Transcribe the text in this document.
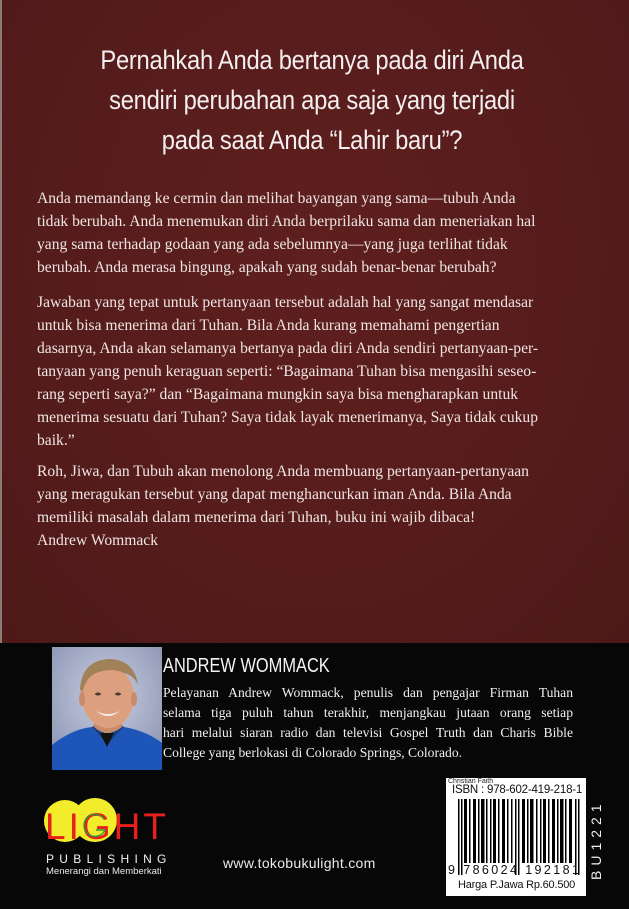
Pernahkah Anda bertanya pada diri Anda
sendiri perubahan apa saja yang terjadi
pada saat Anda “Lahir baru”?
Anda memandang ke cermin dan melihat bayangan yang sama—tubuh Anda
tidak berubah. Anda menemukan diri Anda berprilaku sama dan meneriakan hal
yang sama terhadap godaan yang ada sebelumnya—yang juga terlihat tidak
berubah. Anda merasa bingung, apakah yang sudah benar-benar berubah?
Jawaban yang tepat untuk pertanyaan tersebut adalah hal yang sangat mendasar
untuk bisa menerima dari Tuhan. Bila Anda kurang memahami pengertian
dasarnya, Anda akan selamanya bertanya pada diri Anda sendiri pertanyaan-per-
tanyaan yang penuh keraguan seperti: “Bagaimana Tuhan bisa mengasihi seseo-
rang seperti saya?” dan “Bagaimana mungkin saya bisa mengharapkan untuk
menerima sesuatu dari Tuhan? Saya tidak layak menerimanya, Saya tidak cukup
baik.”
Roh, Jiwa, dan Tubuh akan menolong Anda membuang pertanyaan-pertanyaan
yang meragukan tersebut yang dapat menghancurkan iman Anda. Bila Anda
memiliki masalah dalam menerima dari Tuhan, buku ini wajib dibaca!
Andrew Wommack
ANDREW WOMMACK
Pelayanan Andrew Wommack, penulis dan pengajar Firman Tuhan
selama tiga puluh tahun terakhir, menjangkau jutaan orang setiap
hari melalui siaran radio dan televisi Gospel Truth dan Charis Bible
College yang berlokasi di Colorado Springs, Colorado.
LIGHT
PUBLISHING
Menerangi dan Memberkati
www.tokobukulight.com
Christian Faith
ISBN : 978-602-419-218-1
9 786024 192181
Harga P.Jawa Rp.60.500
BU1221
